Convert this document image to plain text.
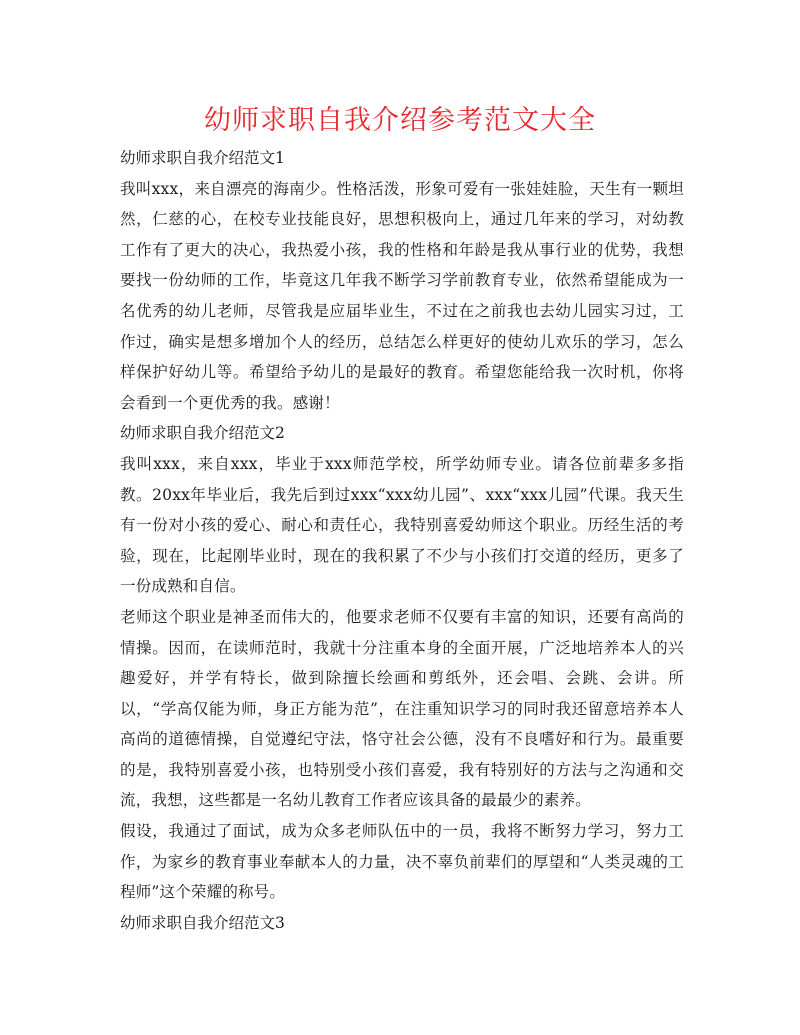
幼师求职自我介绍参考范文大全

幼师求职自我介绍范文1

我叫xxx，来自漂亮的海南少。性格活泼，形象可爱有一张娃娃脸，天生有一颗坦然，仁慈的心，在校专业技能良好，思想积极向上，通过几年来的学习，对幼教工作有了更大的决心，我热爱小孩，我的性格和年龄是我从事行业的优势，我想要找一份幼师的工作，毕竟这几年我不断学习学前教育专业，依然希望能成为一名优秀的幼儿老师，尽管我是应届毕业生，不过在之前我也去幼儿园实习过，工作过，确实是想多增加个人的经历，总结怎么样更好的使幼儿欢乐的学习，怎么样保护好幼儿等。希望给予幼儿的是最好的教育。希望您能给我一次时机，你将会看到一个更优秀的我。感谢！

幼师求职自我介绍范文2

我叫xxx，来自xxx，毕业于xxx师范学校，所学幼师专业。请各位前辈多多指教。20xx年毕业后，我先后到过xxx“xxx幼儿园”、xxx“xxx儿园”代课。我天生有一份对小孩的爱心、耐心和责任心，我特别喜爱幼师这个职业。历经生活的考验，现在，比起刚毕业时，现在的我积累了不少与小孩们打交道的经历，更多了一份成熟和自信。

老师这个职业是神圣而伟大的，他要求老师不仅要有丰富的知识，还要有高尚的情操。因而，在读师范时，我就十分注重本身的全面开展，广泛地培养本人的兴趣爱好，并学有特长，做到除擅长绘画和剪纸外，还会唱、会跳、会讲。所以，“学高仅能为师，身正方能为范”，在注重知识学习的同时我还留意培养本人高尚的道德情操，自觉遵纪守法，恪守社会公德，没有不良嗜好和行为。最重要的是，我特别喜爱小孩，也特别受小孩们喜爱，我有特别好的方法与之沟通和交流，我想，这些都是一名幼儿教育工作者应该具备的最最少的素养。

假设，我通过了面试，成为众多老师队伍中的一员，我将不断努力学习，努力工作，为家乡的教育事业奉献本人的力量，决不辜负前辈们的厚望和“人类灵魂的工程师”这个荣耀的称号。

幼师求职自我介绍范文3
